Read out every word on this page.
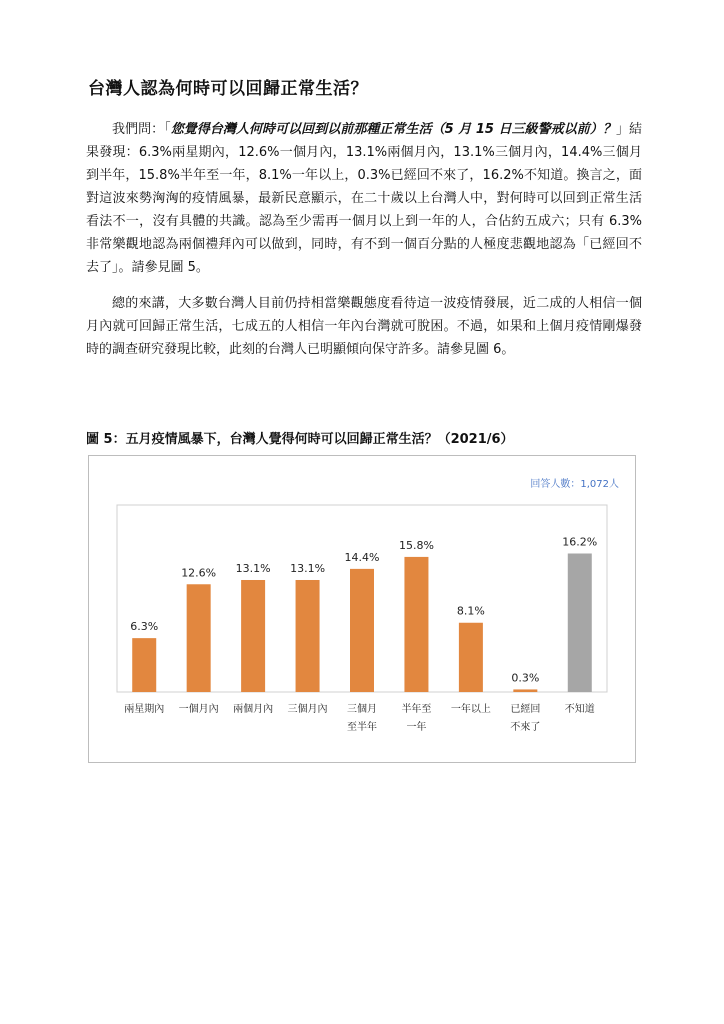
台灣人認為何時可以回歸正常生活？

我們問：「您覺得台灣人何時可以回到以前那種正常生活（5 月 15 日三級警戒以前）？」結果發現：6.3%兩星期內，12.6%一個月內，13.1%兩個月內，13.1%三個月內，14.4%三個月到半年，15.8%半年至一年，8.1%一年以上，0.3%已經回不來了，16.2%不知道。換言之，面對這波來勢洶洶的疫情風暴，最新民意顯示，在二十歲以上台灣人中，對何時可以回到正常生活看法不一，沒有具體的共識。認為至少需再一個月以上到一年的人，合佔約五成六；只有 6.3%非常樂觀地認為兩個禮拜內可以做到，同時，有不到一個百分點的人極度悲觀地認為「已經回不去了」。請參見圖 5。

總的來講，大多數台灣人目前仍持相當樂觀態度看待這一波疫情發展，近二成的人相信一個月內就可回歸正常生活，七成五的人相信一年內台灣就可脫困。不過，如果和上個月疫情剛爆發時的調查研究發現比較，此刻的台灣人已明顯傾向保守許多。請參見圖 6。

圖 5：五月疫情風暴下，台灣人覺得何時可以回歸正常生活？（2021/6）
回答人數：1,072人
6.3%
兩星期內
12.6%
一個月內
13.1%
兩個月內
13.1%
三個月內
14.4%
三個月至半年
15.8%
半年至一年
8.1%
一年以上
0.3%
已經回不來了
16.2%
不知道
